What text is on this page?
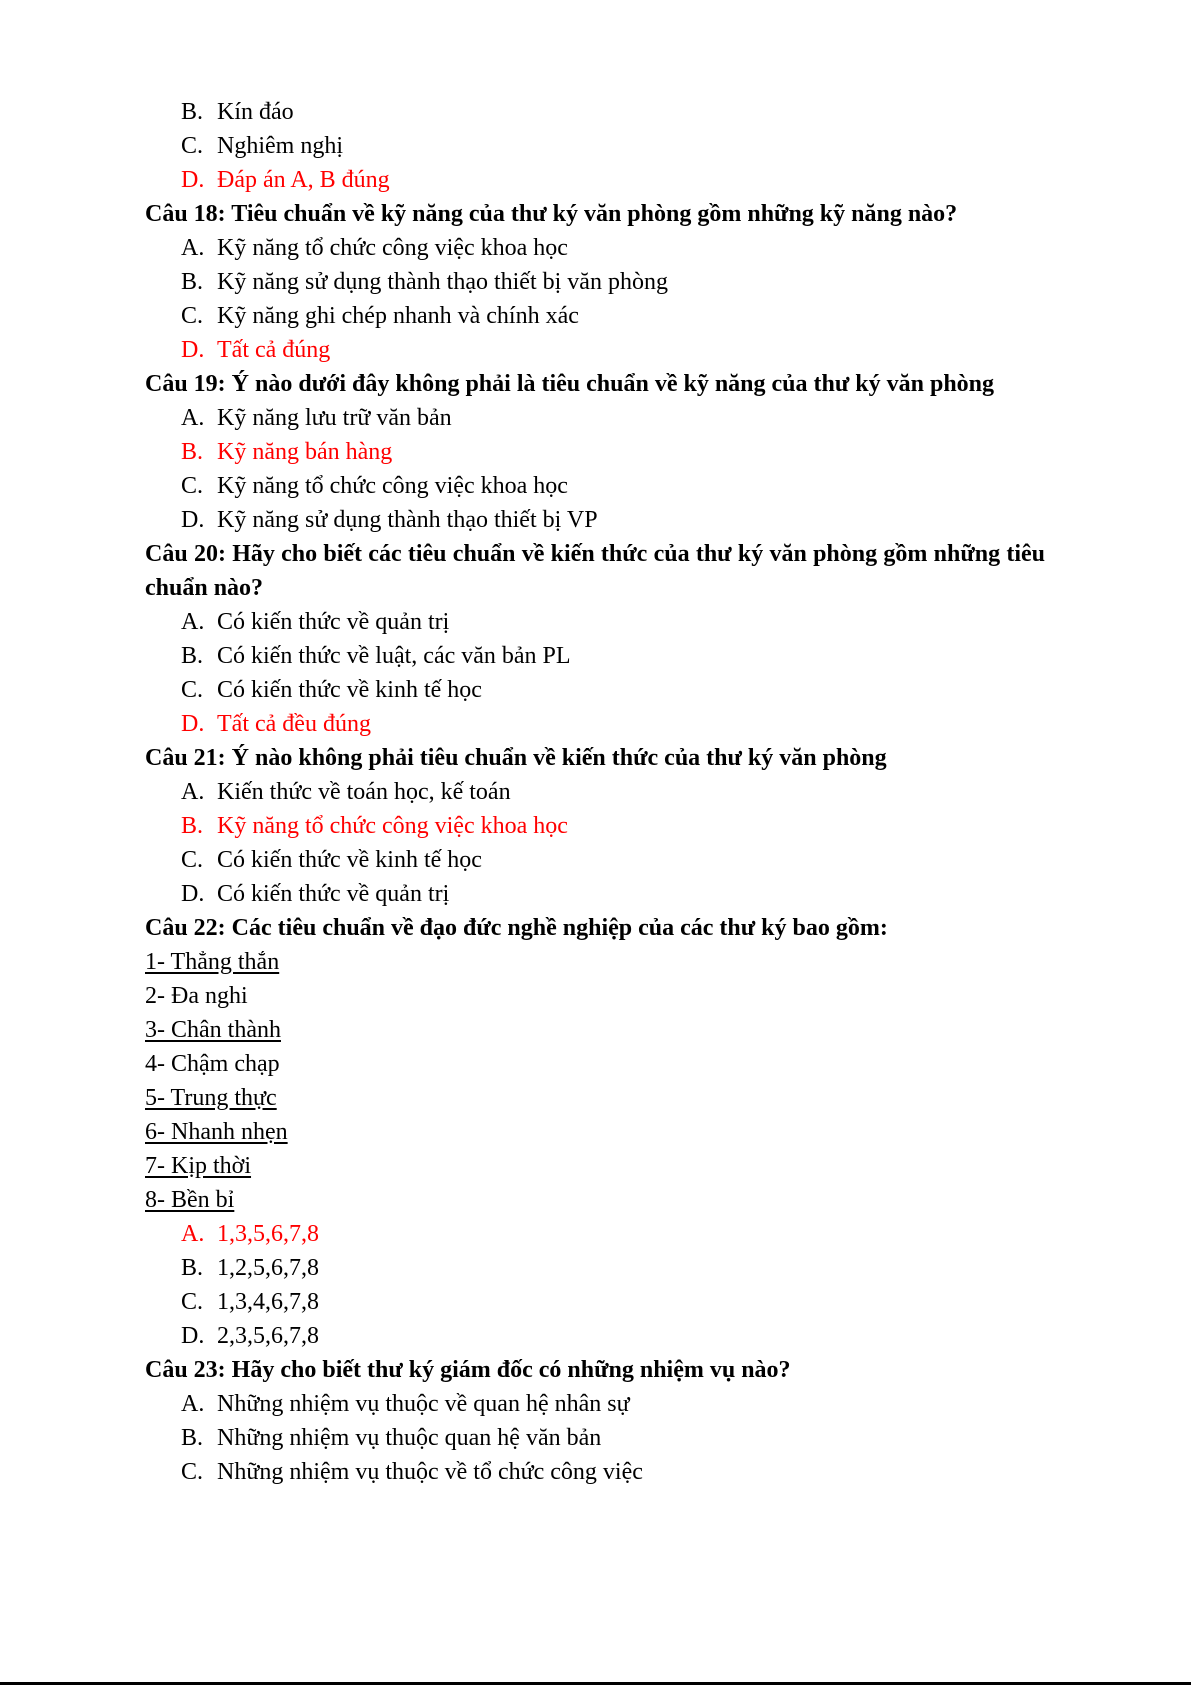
B. Kín đáo
C. Nghiêm nghị
D. Đáp án A, B đúng
Câu 18: Tiêu chuẩn về kỹ năng của thư ký văn phòng gồm những kỹ năng nào?
A. Kỹ năng tổ chức công việc khoa học
B. Kỹ năng sử dụng thành thạo thiết bị văn phòng
C. Kỹ năng ghi chép nhanh và chính xác
D. Tất cả đúng
Câu 19: Ý nào dưới đây không phải là tiêu chuẩn về kỹ năng của thư ký văn phòng
A. Kỹ năng lưu trữ văn bản
B. Kỹ năng bán hàng
C. Kỹ năng tổ chức công việc khoa học
D. Kỹ năng sử dụng thành thạo thiết bị VP
Câu 20: Hãy cho biết các tiêu chuẩn về kiến thức của thư ký văn phòng gồm những tiêu chuẩn nào?
A. Có kiến thức về quản trị
B. Có kiến thức về luật, các văn bản PL
C. Có kiến thức về kinh tế học
D. Tất cả đều đúng
Câu 21: Ý nào không phải tiêu chuẩn về kiến thức của thư ký văn phòng
A. Kiến thức về toán học, kế toán
B. Kỹ năng tổ chức công việc khoa học
C. Có kiến thức về kinh tế học
D. Có kiến thức về quản trị
Câu 22: Các tiêu chuẩn về đạo đức nghề nghiệp của các thư ký bao gồm:
1- Thẳng thắn
2- Đa nghi
3- Chân thành
4- Chậm chạp
5- Trung thực
6- Nhanh nhẹn
7- Kịp thời
8- Bền bỉ
A. 1,3,5,6,7,8
B. 1,2,5,6,7,8
C. 1,3,4,6,7,8
D. 2,3,5,6,7,8
Câu 23: Hãy cho biết thư ký giám đốc có những nhiệm vụ nào?
A. Những nhiệm vụ thuộc về quan hệ nhân sự
B. Những nhiệm vụ thuộc quan hệ văn bản
C. Những nhiệm vụ thuộc về tổ chức công việc
